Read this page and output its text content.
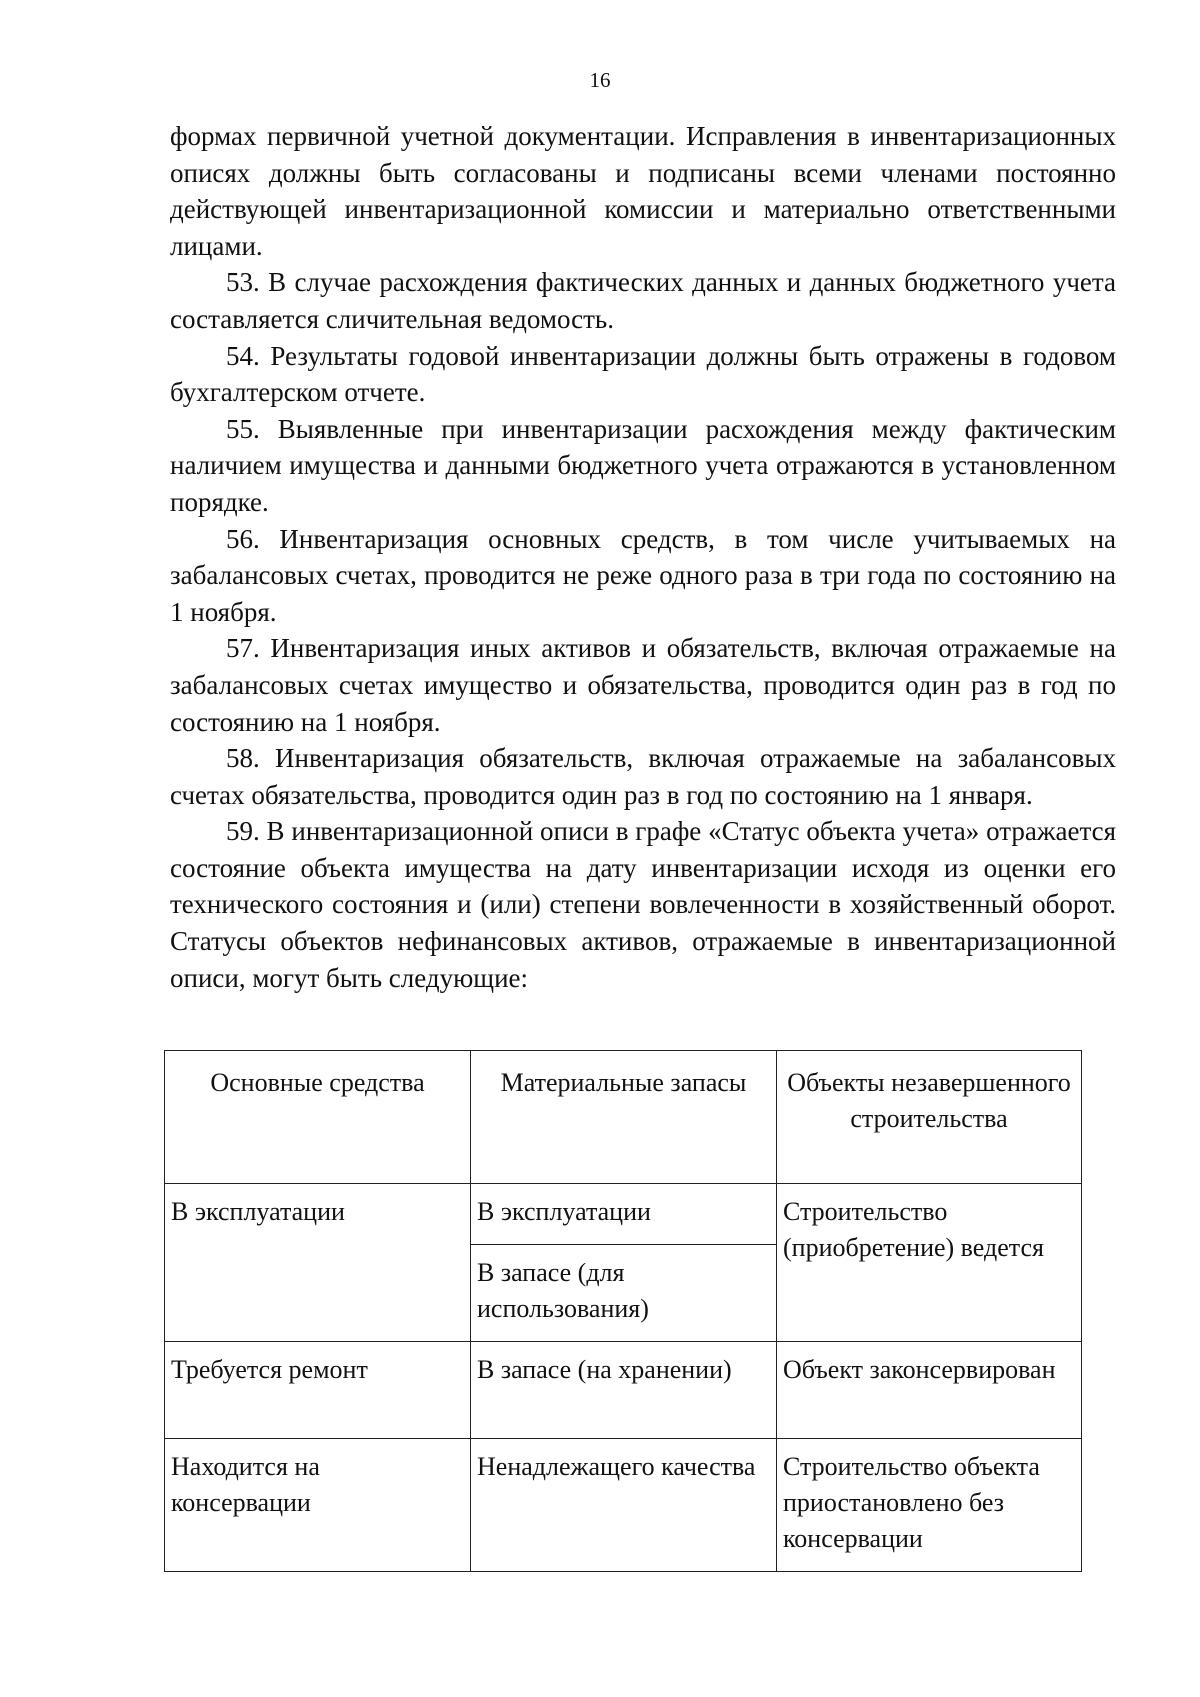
16

формах первичной учетной документации. Исправления в инвентаризационных описях должны быть согласованы и подписаны всеми членами постоянно действующей инвентаризационной комиссии и материально ответственными лицами.

53. В случае расхождения фактических данных и данных бюджетного учета составляется сличительная ведомость.

54. Результаты годовой инвентаризации должны быть отражены в годовом бухгалтерском отчете.

55. Выявленные при инвентаризации расхождения между фактическим наличием имущества и данными бюджетного учета отражаются в установленном порядке.

56. Инвентаризация основных средств, в том числе учитываемых на забалансовых счетах, проводится не реже одного раза в три года по состоянию на 1 ноября.

57. Инвентаризация иных активов и обязательств, включая отражаемые на забалансовых счетах имущество и обязательства, проводится один раз в год по состоянию на 1 ноября.

58. Инвентаризация обязательств, включая отражаемые на забалансовых счетах обязательства, проводится один раз в год по состоянию на 1 января.

59. В инвентаризационной описи в графе «Статус объекта учета» отражается состояние объекта имущества на дату инвентаризации исходя из оценки его технического состояния и (или) степени вовлеченности в хозяйственный оборот. Статусы объектов нефинансовых активов, отражаемые в инвентаризационной описи, могут быть следующие:

Основные средства	Материальные запасы	Объекты незавершенного строительства
В эксплуатации	В эксплуатации	Строительство (приобретение) ведется
	В запасе (для использования)	
Требуется ремонт	В запасе (на хранении)	Объект законсервирован
Находится на консервации	Ненадлежащего качества	Строительство объекта приостановлено без консервации
